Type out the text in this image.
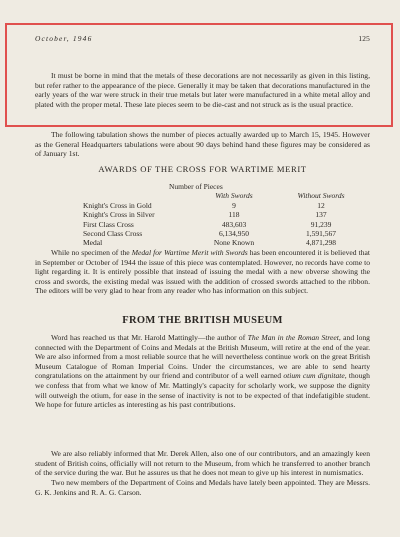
October, 1946	125

It must be borne in mind that the metals of these decorations are not necessarily as given in this listing, but refer rather to the appearance of the piece. Generally it may be taken that decorations manufactured in the early years of the war were struck in their true metals but later were manufactured in a white metal alloy and plated with the proper metal. These late pieces seem to be die-cast and not struck as is the usual practice.

The following tabulation shows the number of pieces actually awarded up to March 15, 1945. However as the General Headquarters tabulations were about 90 days behind hand these figures may be considered as of January 1st.

AWARDS OF THE CROSS FOR WARTIME MERIT
Number of Pieces
With Swords	Without Swords
Knight's Cross in Gold	9	12
Knight's Cross in Silver	118	137
First Class Cross	483,603	91,239
Second Class Cross	6,134,950	1,591,567
Medal	None Known	4,871,298

While no specimen of the Medal for Wartime Merit with Swords has been encountered it is believed that in September or October of 1944 the issue of this piece was contemplated. However, no records have come to light regarding it. It is entirely possible that instead of issuing the medal with a new obverse showing the cross and swords, the existing medal was issued with the addition of crossed swords attached to the ribbon. The editors will be very glad to hear from any reader who has information on this subject.

FROM THE BRITISH MUSEUM

Word has reached us that Mr. Harold Mattingly—the author of The Man in the Roman Street, and long connected with the Department of Coins and Medals at the British Museum, will retire at the end of the year. We are also informed from a most reliable source that he will nevertheless continue work on the great British Museum Catalogue of Roman Imperial Coins. Under the circumstances, we are able to send hearty congratulations on the attainment by our friend and contributor of a well earned otium cum dignitate, though we confess that from what we know of Mr. Mattingly's capacity for scholarly work, we suppose the dignity will outweigh the otium, for ease in the sense of inactivity is not to be expected of that indefatigible student. We hope for future articles as interesting as his past contributions.

We are also reliably informed that Mr. Derek Allen, also one of our contributors, and an amazingly keen student of British coins, officially will not return to the Museum, from which he transferred to another branch of the service during the war. But he assures us that he does not mean to give up his interest in numismatics.

Two new members of the Department of Coins and Medals have lately been appointed. They are Messrs. G. K. Jenkins and R. A. G. Carson.
